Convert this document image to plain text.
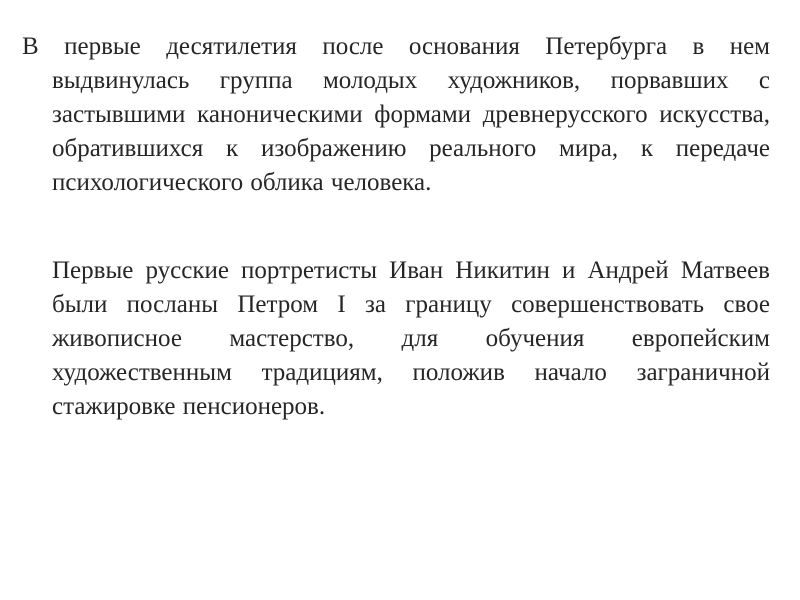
В первые десятилетия после основания Петербурга в нем выдвинулась группа молодых художников, порвавших с застывшими каноническими формами древнерусского искусства, обратившихся к изображению реального мира, к передаче психологического облика человека.

Первые русские портретисты Иван Никитин и Андрей Матвеев были посланы Петром I за границу совершенствовать свое живописное мастерство, для обучения европейским художественным традициям, положив начало заграничной стажировке пенсионеров.
